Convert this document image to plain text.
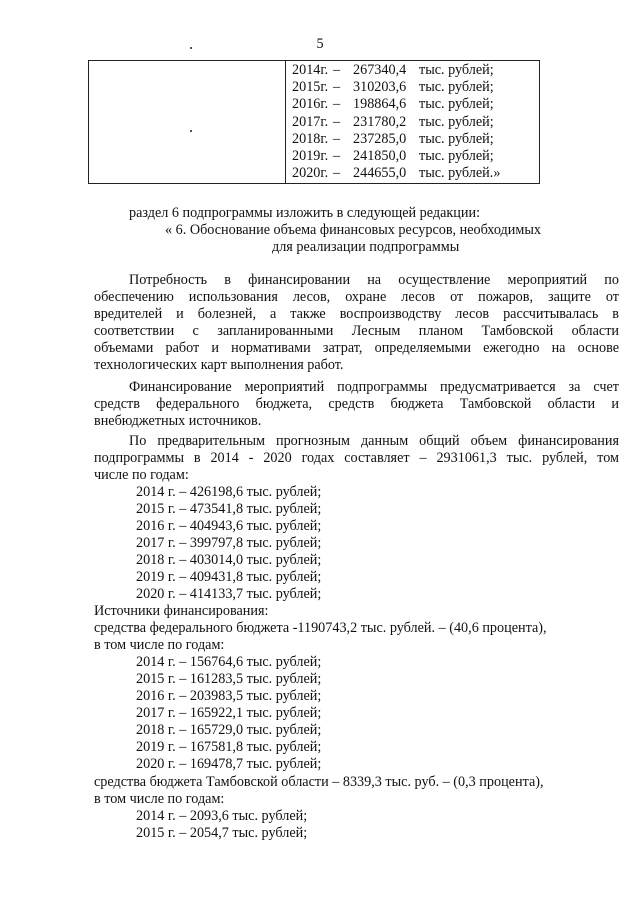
5
2014г. – 267340,4 тыс. рублей;
2015г. – 310203,6 тыс. рублей;
2016г. – 198864,6 тыс. рублей;
2017г. – 231780,2 тыс. рублей;
2018г. – 237285,0 тыс. рублей;
2019г. – 241850,0 тыс. рублей;
2020г. – 244655,0 тыс. рублей.»
раздел 6 подпрограммы изложить в следующей редакции:
« 6. Обоснование объема финансовых ресурсов, необходимых
для реализации подпрограммы
Потребность в финансировании на осуществление мероприятий по
обеспечению использования лесов, охране лесов от пожаров, защите от
вредителей и болезней, а также воспроизводству лесов рассчитывалась в
соответствии с запланированными Лесным планом Тамбовской области
объемами работ и нормативами затрат, определяемыми ежегодно на основе
технологических карт выполнения работ.
Финансирование мероприятий подпрограммы предусматривается за счет
средств федерального бюджета, средств бюджета Тамбовской области и
внебюджетных источников.
По предварительным прогнозным данным общий объем финансирования
подпрограммы в 2014 - 2020 годах составляет – 2931061,3 тыс. рублей, том
числе по годам:
2014 г. – 426198,6 тыс. рублей;
2015 г. – 473541,8 тыс. рублей;
2016 г. – 404943,6 тыс. рублей;
2017 г. – 399797,8 тыс. рублей;
2018 г. – 403014,0 тыс. рублей;
2019 г. – 409431,8 тыс. рублей;
2020 г. – 414133,7 тыс. рублей;
Источники финансирования:
средства федерального бюджета -1190743,2 тыс. рублей. – (40,6 процента),
в том числе по годам:
2014 г. – 156764,6 тыс. рублей;
2015 г. – 161283,5 тыс. рублей;
2016 г. – 203983,5 тыс. рублей;
2017 г. – 165922,1 тыс. рублей;
2018 г. – 165729,0 тыс. рублей;
2019 г. – 167581,8 тыс. рублей;
2020 г. – 169478,7 тыс. рублей;
средства бюджета Тамбовской области – 8339,3 тыс. руб. – (0,3 процента),
в том числе по годам:
2014 г. – 2093,6 тыс. рублей;
2015 г. – 2054,7 тыс. рублей;
